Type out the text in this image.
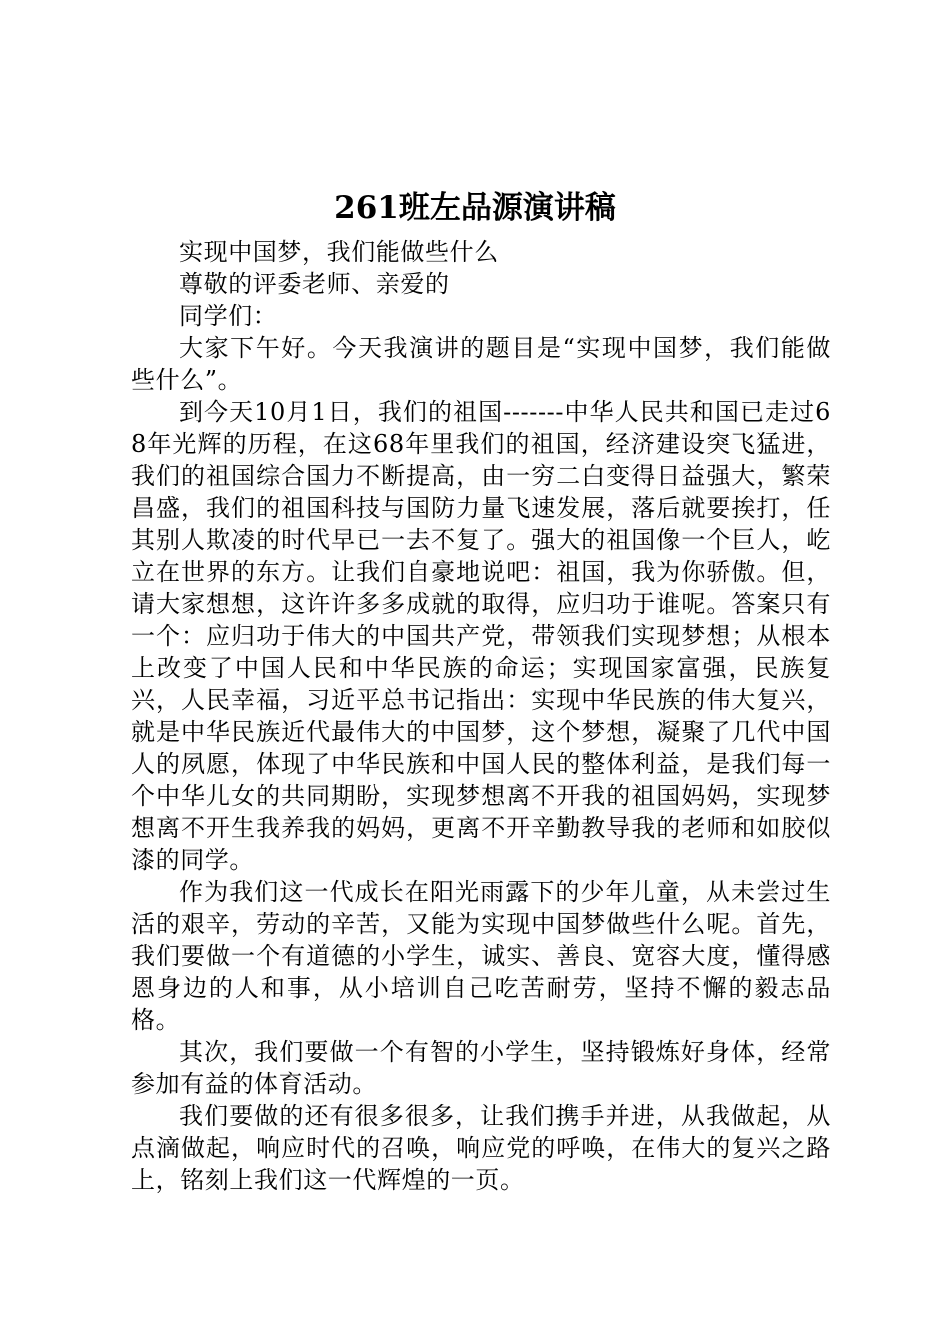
261班左品源演讲稿

实现中国梦，我们能做些什么

尊敬的评委老师、亲爱的

同学们：

大家下午好。今天我演讲的题目是“实现中国梦，我们能做些什么”。

到今天10月1日，我们的祖国-------中华人民共和国已走过68年光辉的历程，在这68年里我们的祖国，经济建设突飞猛进，我们的祖国综合国力不断提高，由一穷二白变得日益强大，繁荣昌盛，我们的祖国科技与国防力量飞速发展，落后就要挨打，任其别人欺凌的时代早已一去不复了。强大的祖国像一个巨人，屹立在世界的东方。让我们自豪地说吧：祖国，我为你骄傲。但，请大家想想，这许许多多成就的取得，应归功于谁呢。答案只有一个：应归功于伟大的中国共产党，带领我们实现梦想；从根本上改变了中国人民和中华民族的命运；实现国家富强，民族复兴，人民幸福，习近平总书记指出：实现中华民族的伟大复兴，就是中华民族近代最伟大的中国梦，这个梦想，凝聚了几代中国人的夙愿，体现了中华民族和中国人民的整体利益，是我们每一个中华儿女的共同期盼，实现梦想离不开我的祖国妈妈，实现梦想离不开生我养我的妈妈，更离不开辛勤教导我的老师和如胶似漆的同学。

作为我们这一代成长在阳光雨露下的少年儿童，从未尝过生活的艰辛，劳动的辛苦，又能为实现中国梦做些什么呢。首先，我们要做一个有道德的小学生，诚实、善良、宽容大度，懂得感恩身边的人和事，从小培训自己吃苦耐劳，坚持不懈的毅志品格。

其次，我们要做一个有智的小学生，坚持锻炼好身体，经常参加有益的体育活动。

我们要做的还有很多很多，让我们携手并进，从我做起，从点滴做起，响应时代的召唤，响应党的呼唤，在伟大的复兴之路上，铭刻上我们这一代辉煌的一页。
